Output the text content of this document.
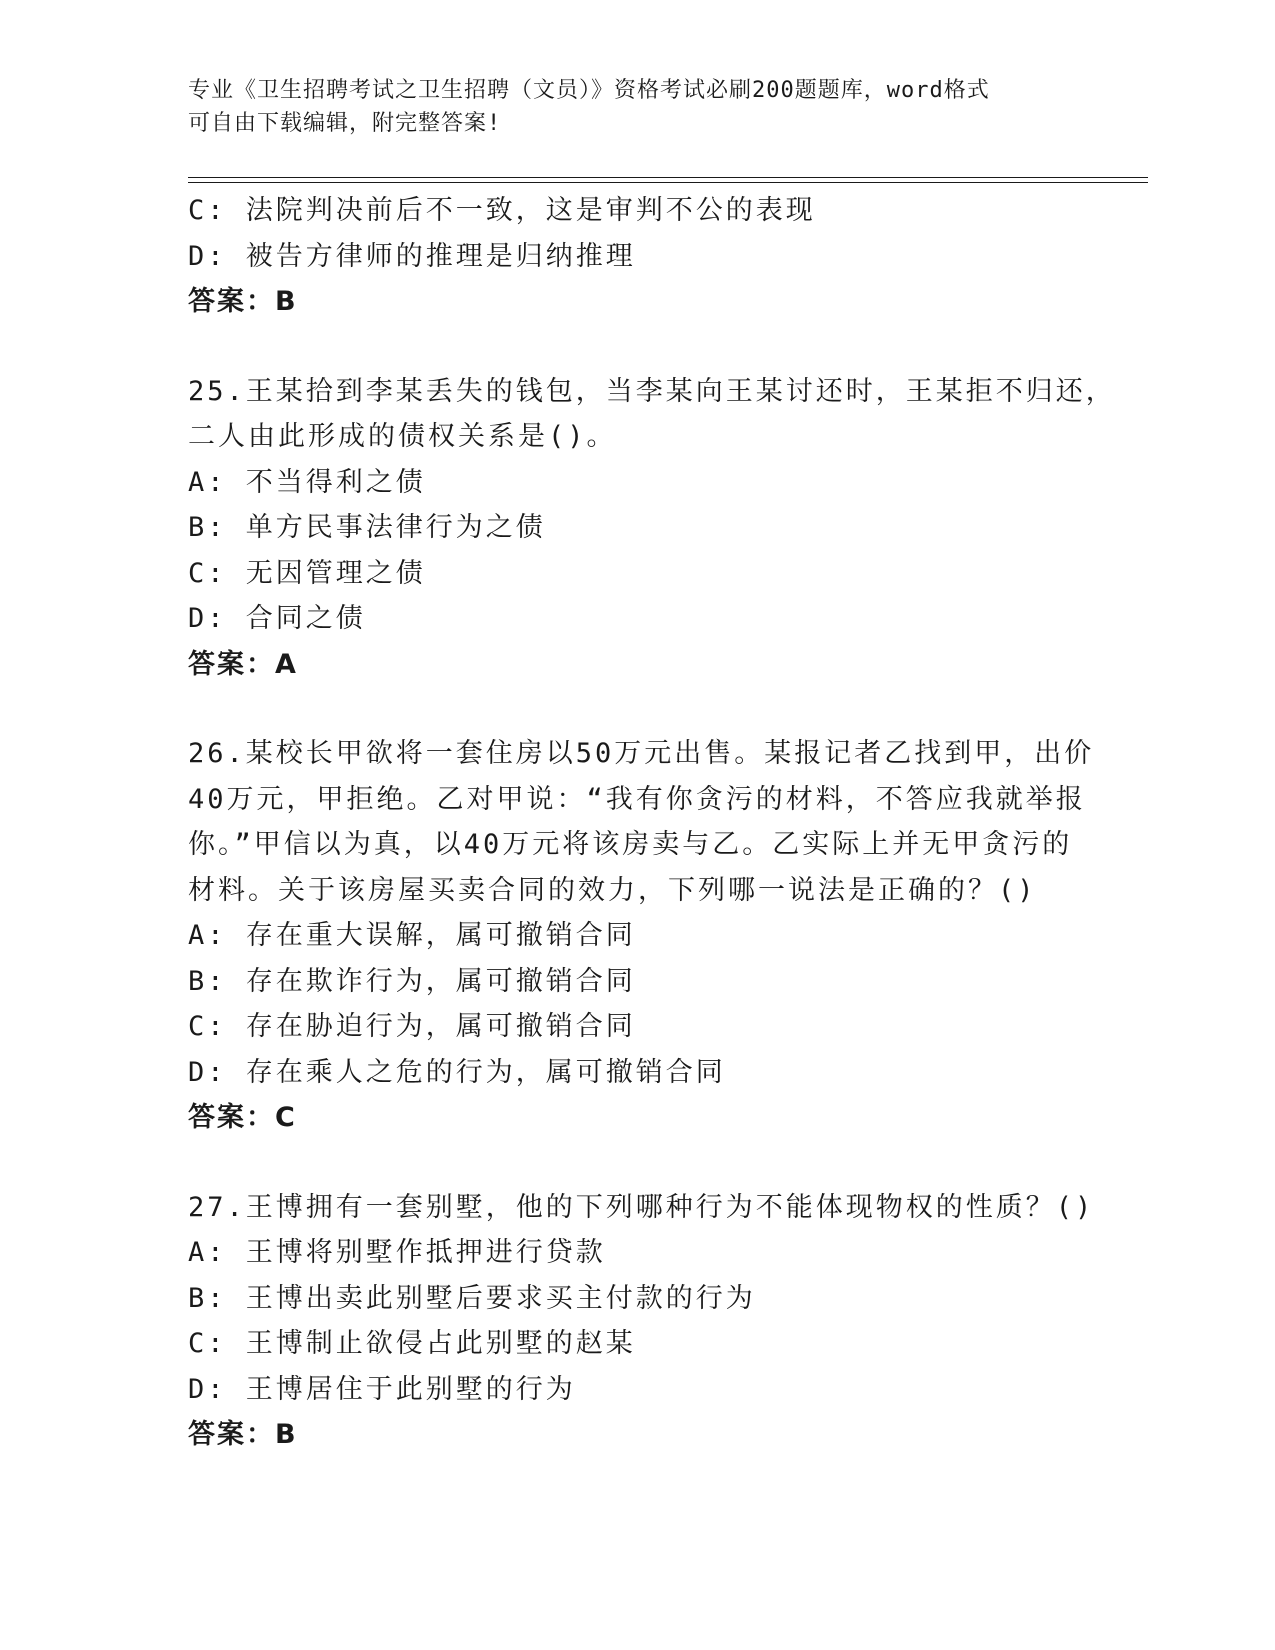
专业《卫生招聘考试之卫生招聘（文员）》资格考试必刷200题题库，word格式
可自由下载编辑，附完整答案!
C: 法院判决前后不一致，这是审判不公的表现
D: 被告方律师的推理是归纳推理
答案：B
25.王某拾到李某丢失的钱包，当李某向王某讨还时，王某拒不归还，
二人由此形成的债权关系是()。
A: 不当得利之债
B: 单方民事法律行为之债
C: 无因管理之债
D: 合同之债
答案：A
26.某校长甲欲将一套住房以50万元出售。某报记者乙找到甲，出价
40万元，甲拒绝。乙对甲说：“我有你贪污的材料，不答应我就举报
你。”甲信以为真，以40万元将该房卖与乙。乙实际上并无甲贪污的
材料。关于该房屋买卖合同的效力，下列哪一说法是正确的？()
A: 存在重大误解，属可撤销合同
B: 存在欺诈行为，属可撤销合同
C: 存在胁迫行为，属可撤销合同
D: 存在乘人之危的行为，属可撤销合同
答案：C
27.王博拥有一套别墅，他的下列哪种行为不能体现物权的性质？()
A: 王博将别墅作抵押进行贷款
B: 王博出卖此别墅后要求买主付款的行为
C: 王博制止欲侵占此别墅的赵某
D: 王博居住于此别墅的行为
答案：B
